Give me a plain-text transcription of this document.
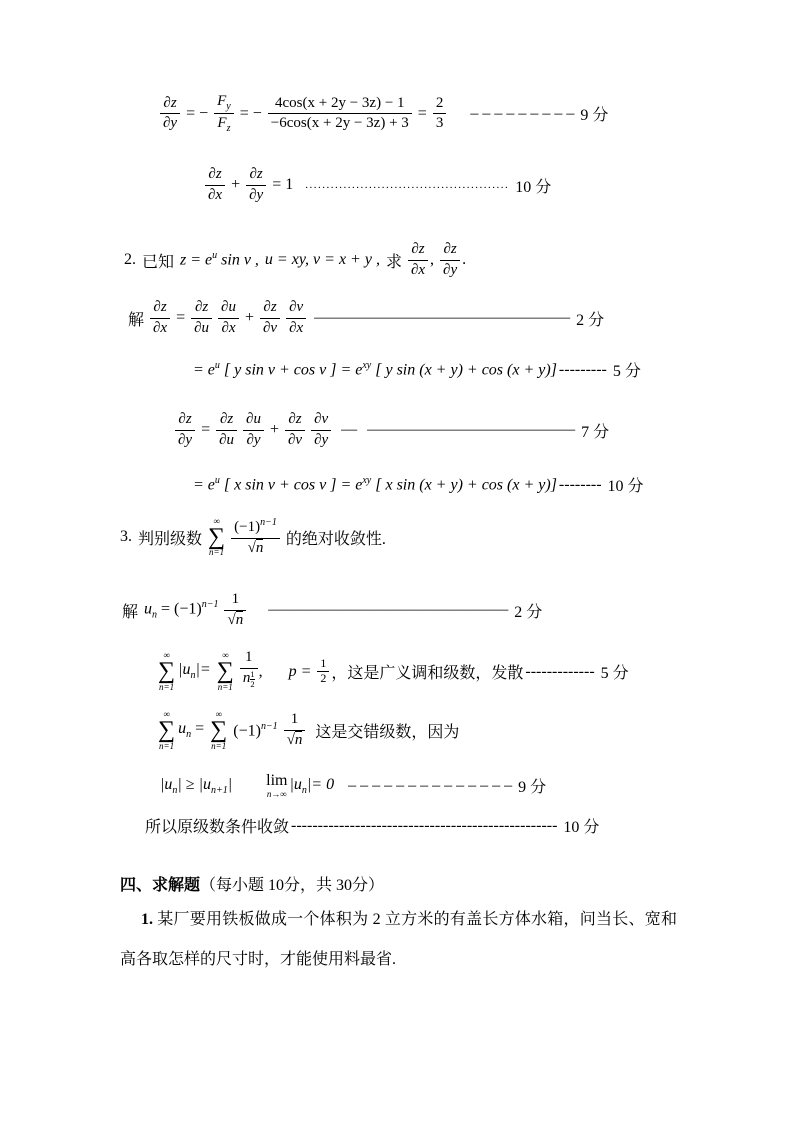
$\frac{\partial z}{\partial y}$ = − $\frac{F_y}{F_z}$ = − $\frac{4\cos(x + 2y - 3z) - 1}{-6\cos(x + 2y - 3z) + 3} = \frac{2}{3}$ – – – – – – – – – 9 分
$\frac{\partial z}{\partial x} + \frac{\partial z}{\partial y} = 1$ ................................................ 10 分
2. 已知 $z = e^u$ sin v , u = xy, v = x + y , 求 $\frac{\partial z}{\partial x}$ , $\frac{\partial z}{\partial y}$ .
解 $\frac{\partial z}{\partial x} = \frac{\partial z}{\partial u} \frac{\partial u}{\partial x} + \frac{\partial z}{\partial v} \frac{\partial v}{\partial x}$ ———————————————— 2 分
= $e^u$ [ y sin v + cos v ] = $e^{xy}$ [ y sin (x + y) + cos (x + y)] --------- 5 分
$\frac{\partial z}{\partial y} = \frac{\partial z}{\partial u} \frac{\partial u}{\partial y} + \frac{\partial z}{\partial v} \frac{\partial v}{\partial y}$ — ————————————— 7 分
= $e^u$ [ x sin v + cos v ] = $e^{xy}$ [ x sin (x + y) + cos (x + y)] -------- 10 分
3. 判别级数
∞
∑
$n=1 \frac{(-1)^{n-1}}{√n}$ 的绝对收敛性.
解 $u_n = (-1)^{n-1} \frac{1}{√n}$ ——————————————— 2 分
∞
∑
n=1
$|u_n|=$
∞
∑
$n=1 \frac{1}{n \frac{1}{2}}$ , $p = \frac{1}{2}$ ，这是广义调和级数，发散 ------------- 5 分
∞
∑
n=1
$u_n$ =
∞
∑
n=1
$(-1)^{n-1} \frac{1}{√n}$ 这是交错级数，因为
$|u_n| \ge |u_{n+1}|$ lim
n→∞
$|u_n|= 0$ – – – – – – – – – – – – – – 9 分
所以原级数条件收敛 -------------------------------------------------- 10 分
四、求解题 （每小题 10分，共 30分）
1. 某厂要用铁板做成一个体积为 2 立方米的有盖长方体水箱，问当长、宽和高各取怎样的尺寸时，才能使用料最省.
